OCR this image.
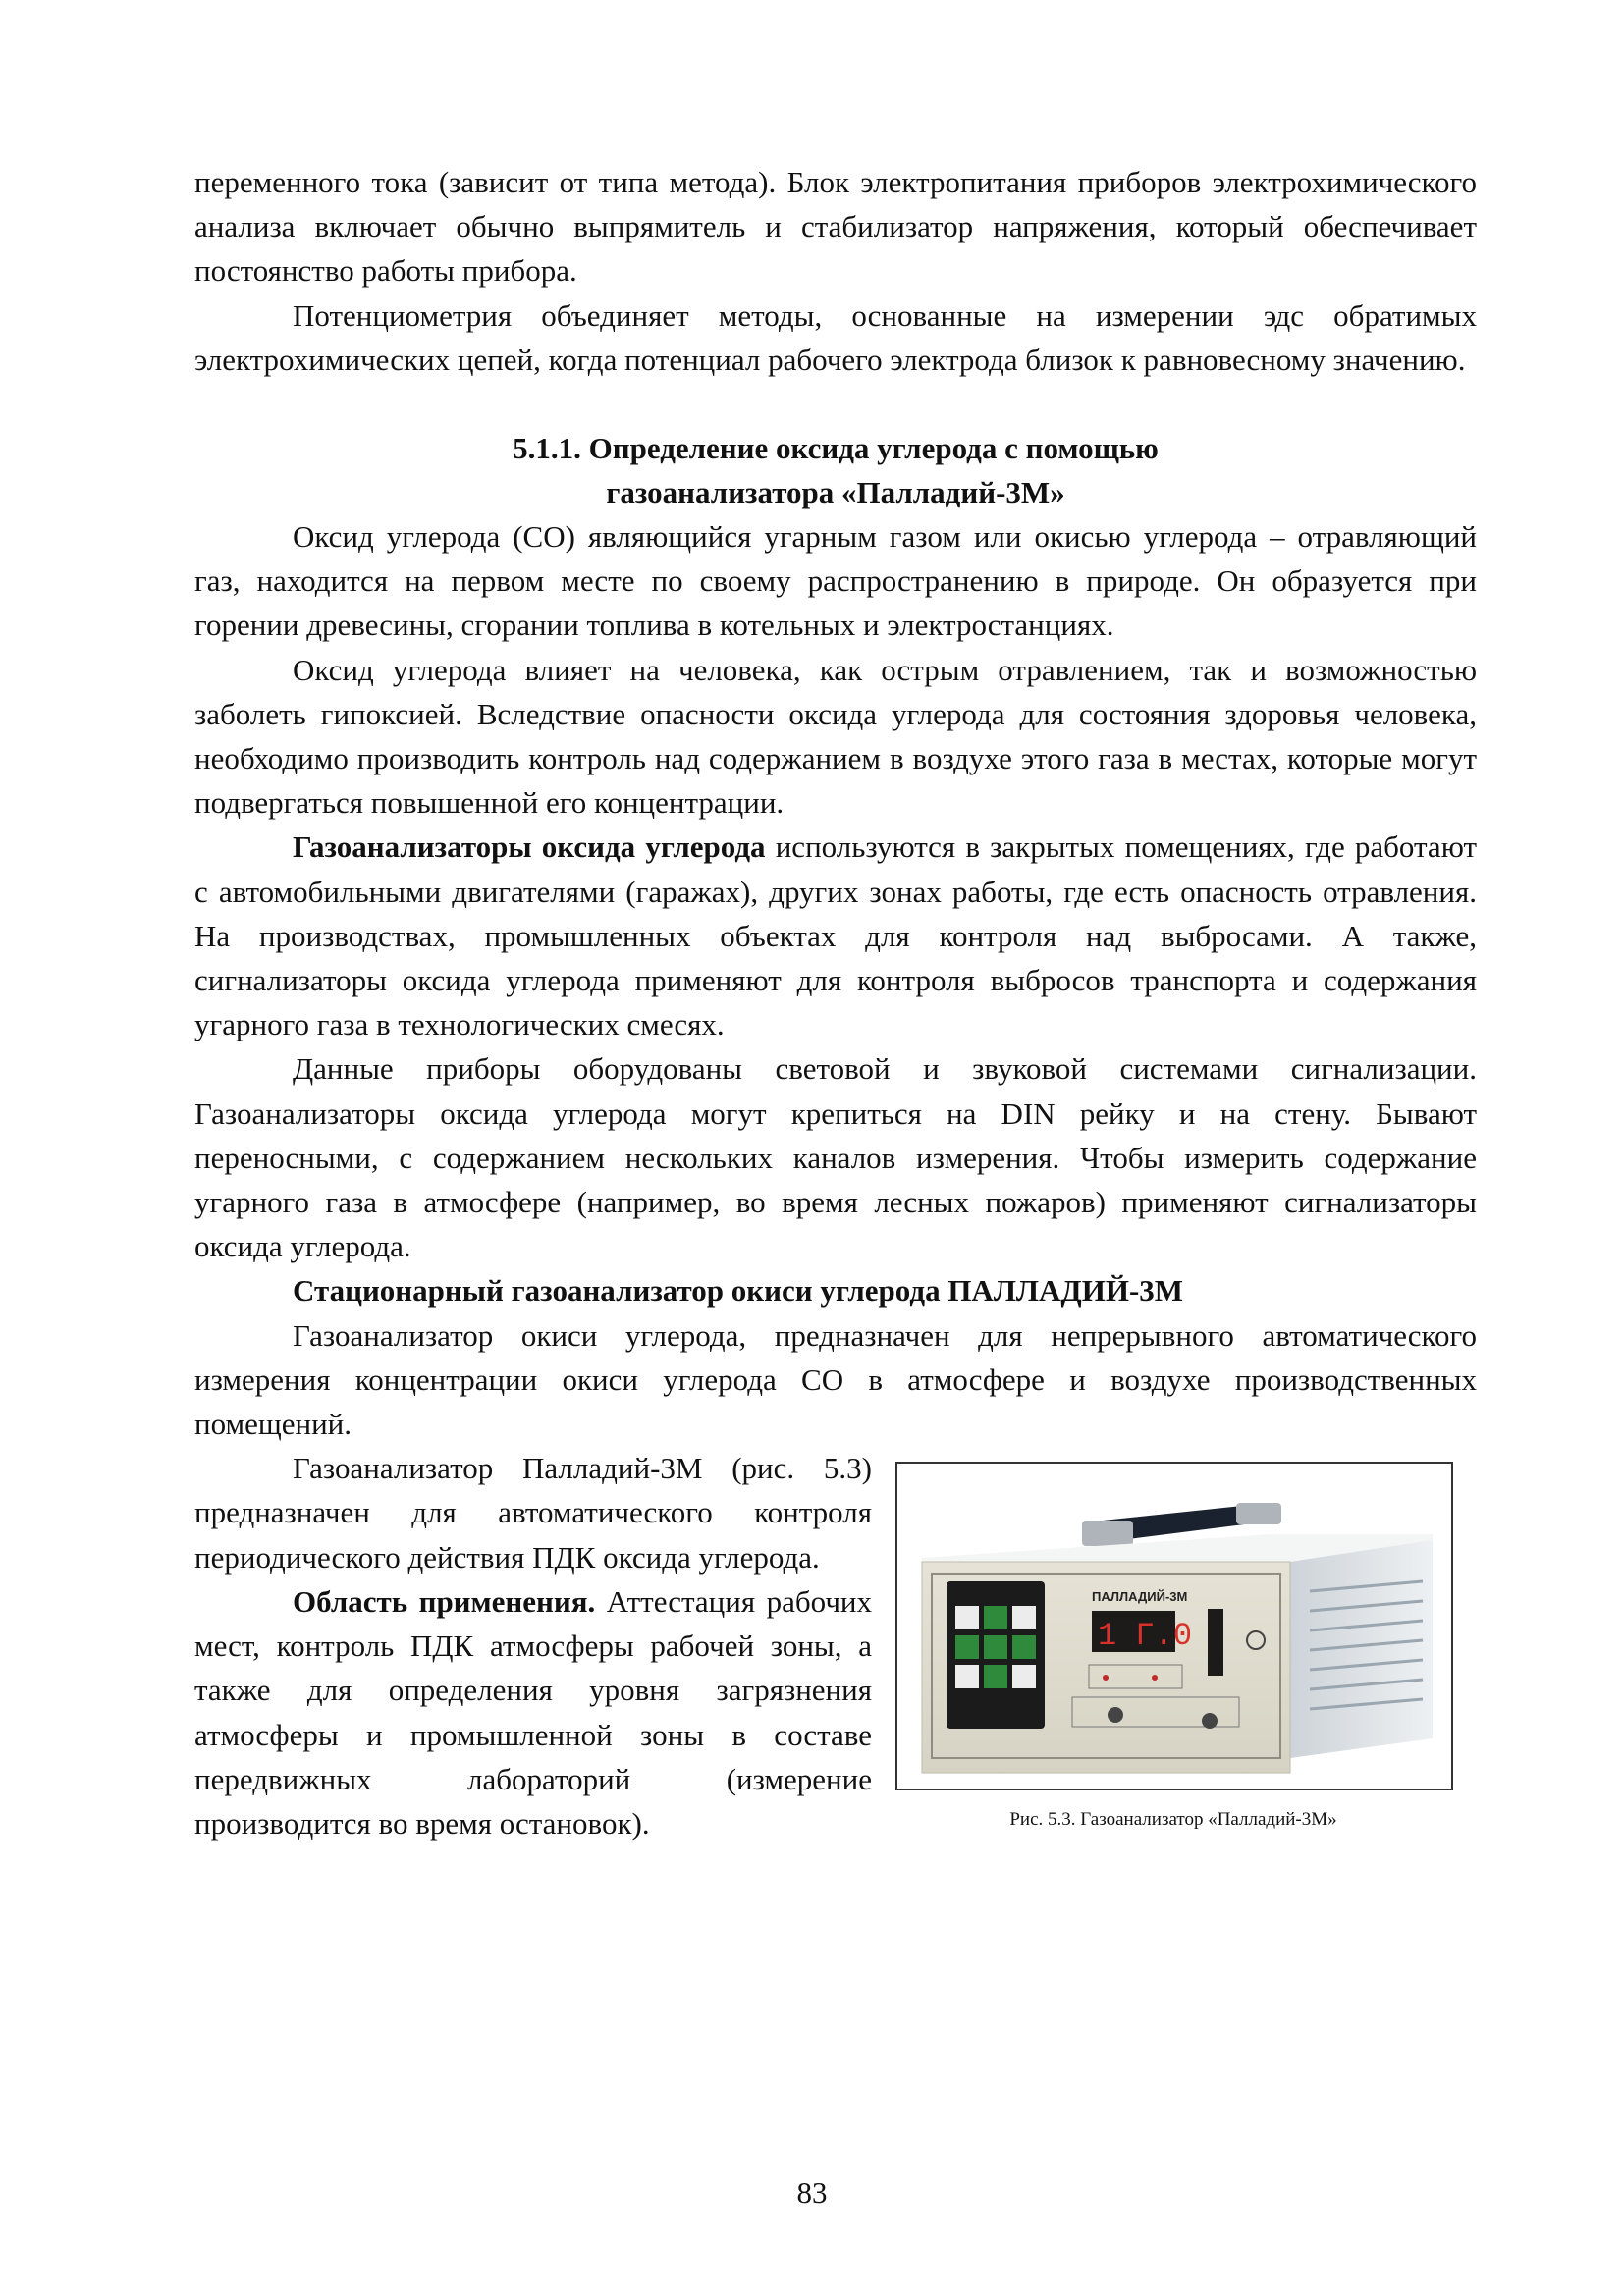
переменного тока (зависит от типа метода). Блок электропитания приборов электрохимического анализа включает обычно выпрямитель и стабилизатор напряжения, который обеспечивает постоянство работы прибора.

Потенциометрия объединяет методы, основанные на измерении эдс обратимых электрохимических цепей, когда потенциал рабочего электрода близок к равновесному значению.

5.1.1. Определение оксида углерода с помощью
газоанализатора «Палладий-3М»

Оксид углерода (СО) являющийся угарным газом или окисью углерода – отравляющий газ, находится на первом месте по своему распространению в природе. Он образуется при горении древесины, сгорании топлива в котельных и электростанциях.

Оксид углерода влияет на человека, как острым отравлением, так и возможностью заболеть гипоксией. Вследствие опасности оксида углерода для состояния здоровья человека, необходимо производить контроль над содержанием в воздухе этого газа в местах, которые могут подвергаться повышенной его концентрации.

Газоанализаторы оксида углерода используются в закрытых помещениях, где работают с автомобильными двигателями (гаражах), других зонах работы, где есть опасность отравления. На производствах, промышленных объектах для контроля над выбросами. А также, сигнализаторы оксида углерода применяют для контроля выбросов транспорта и содержания угарного газа в технологических смесях.

Данные приборы оборудованы световой и звуковой системами сигнализации. Газоанализаторы оксида углерода могут крепиться на DIN рейку и на стену. Бывают переносными, с содержанием нескольких каналов измерения. Чтобы измерить содержание угарного газа в атмосфере (например, во время лесных пожаров) применяют сигнализаторы оксида углерода.

Стационарный газоанализатор окиси углерода ПАЛЛАДИЙ-3М

Газоанализатор окиси углерода, предназначен для непрерывного автоматического измерения концентрации окиси углерода СО в атмосфере и воздухе производственных помещений.

Газоанализатор Палладий-3М (рис. 5.3) предназначен для автоматического контроля периодического действия ПДК оксида углерода.

Область применения. Аттестация рабочих мест, контроль ПДК атмосферы рабочей зоны, а также для определения уровня загрязнения атмосферы и промышленной зоны в составе передвижных лабораторий (измерение производится во время остановок).

ПАЛЛАДИЙ-3М
1 Г.0
Рис. 5.3. Газоанализатор «Палладий-3М»
83
